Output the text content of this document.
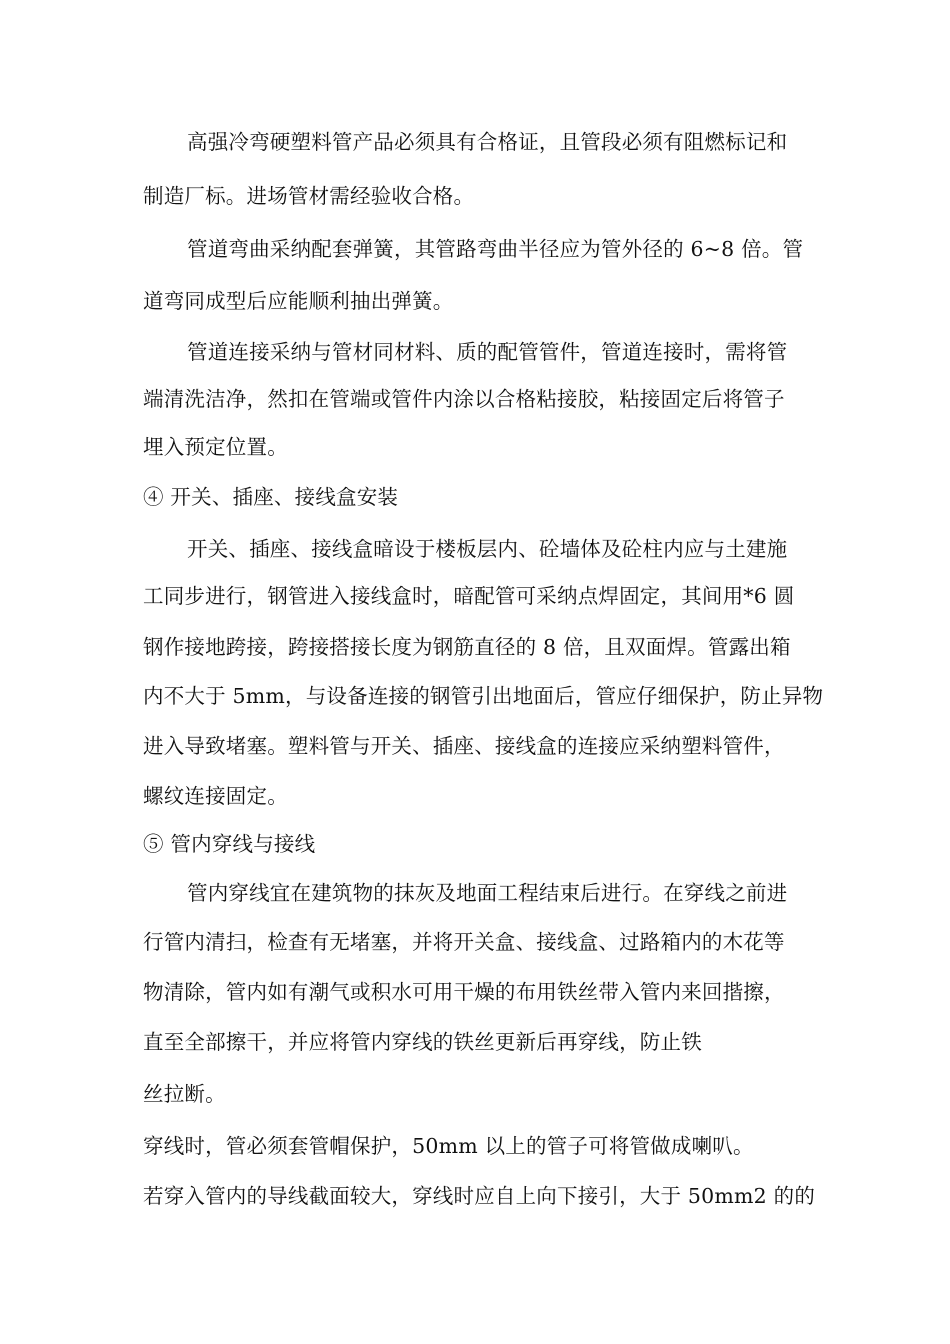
高强冷弯硬塑料管产品必须具有合格证，且管段必须有阻燃标记和
制造厂标。进场管材需经验收合格。
管道弯曲采纳配套弹簧，其管路弯曲半径应为管外径的 6~8 倍。管
道弯同成型后应能顺利抽出弹簧。
管道连接采纳与管材同材料、质的配管管件，管道连接时，需将管
端清洗洁净，然扣在管端或管件内涂以合格粘接胶，粘接固定后将管子
埋入预定位置。
④ 开关、插座、接线盒安装
开关、插座、接线盒暗设于楼板层内、砼墙体及砼柱内应与土建施
工同步进行，钢管进入接线盒时，暗配管可采纳点焊固定，其间用*6 圆
钢作接地跨接，跨接搭接长度为钢筋直径的 8 倍，且双面焊。管露出箱
内不大于 5mm，与设备连接的钢管引出地面后，管应仔细保护，防止异物
进入导致堵塞。塑料管与开关、插座、接线盒的连接应采纳塑料管件，
螺纹连接固定。
⑤ 管内穿线与接线
管内穿线宜在建筑物的抹灰及地面工程结束后进行。在穿线之前进
行管内清扫，检查有无堵塞，并将开关盒、接线盒、过路箱内的木花等
物清除，管内如有潮气或积水可用干燥的布用铁丝带入管内来回揩擦，
直至全部擦干，并应将管内穿线的铁丝更新后再穿线，防止铁
丝拉断。
穿线时，管必须套管帽保护，50mm 以上的管子可将管做成喇叭。
若穿入管内的导线截面较大，穿线时应自上向下接引，大于 50mm2 的的
